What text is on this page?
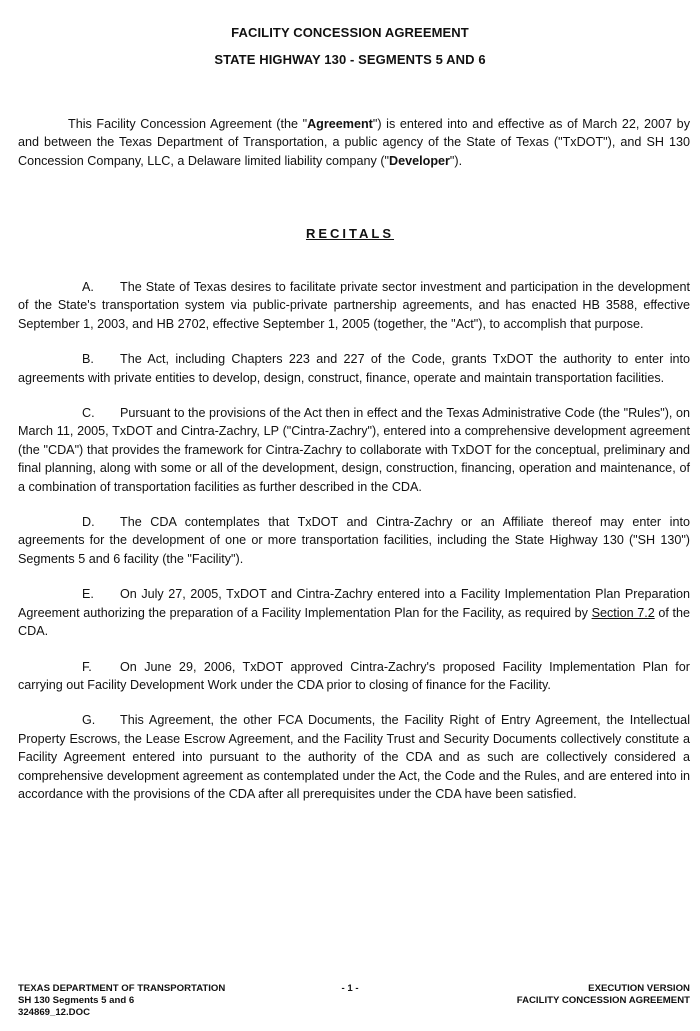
FACILITY CONCESSION AGREEMENT
STATE HIGHWAY 130 - SEGMENTS 5 AND 6

This Facility Concession Agreement (the "Agreement") is entered into and effective as of March 22, 2007 by and between the Texas Department of Transportation, a public agency of the State of Texas ("TxDOT"), and SH 130 Concession Company, LLC, a Delaware limited liability company ("Developer").

RECITALS

A. The State of Texas desires to facilitate private sector investment and participation in the development of the State's transportation system via public-private partnership agreements, and has enacted HB 3588, effective September 1, 2003, and HB 2702, effective September 1, 2005 (together, the "Act"), to accomplish that purpose.

B. The Act, including Chapters 223 and 227 of the Code, grants TxDOT the authority to enter into agreements with private entities to develop, design, construct, finance, operate and maintain transportation facilities.

C. Pursuant to the provisions of the Act then in effect and the Texas Administrative Code (the "Rules"), on March 11, 2005, TxDOT and Cintra-Zachry, LP ("Cintra-Zachry"), entered into a comprehensive development agreement (the "CDA") that provides the framework for Cintra-Zachry to collaborate with TxDOT for the conceptual, preliminary and final planning, along with some or all of the development, design, construction, financing, operation and maintenance, of a combination of transportation facilities as further described in the CDA.

D. The CDA contemplates that TxDOT and Cintra-Zachry or an Affiliate thereof may enter into agreements for the development of one or more transportation facilities, including the State Highway 130 ("SH 130") Segments 5 and 6 facility (the "Facility").

E. On July 27, 2005, TxDOT and Cintra-Zachry entered into a Facility Implementation Plan Preparation Agreement authorizing the preparation of a Facility Implementation Plan for the Facility, as required by Section 7.2 of the CDA.

F. On June 29, 2006, TxDOT approved Cintra-Zachry's proposed Facility Implementation Plan for carrying out Facility Development Work under the CDA prior to closing of finance for the Facility.

G. This Agreement, the other FCA Documents, the Facility Right of Entry Agreement, the Intellectual Property Escrows, the Lease Escrow Agreement, and the Facility Trust and Security Documents collectively constitute a Facility Agreement entered into pursuant to the authority of the CDA and as such are collectively considered a comprehensive development agreement as contemplated under the Act, the Code and the Rules, and are entered into in accordance with the provisions of the CDA after all prerequisites under the CDA have been satisfied.

TEXAS DEPARTMENT OF TRANSPORTATION
SH 130 Segments 5 and 6
324869_12.DOC
- 1 -	EXECUTION VERSION
FACILITY CONCESSION AGREEMENT
